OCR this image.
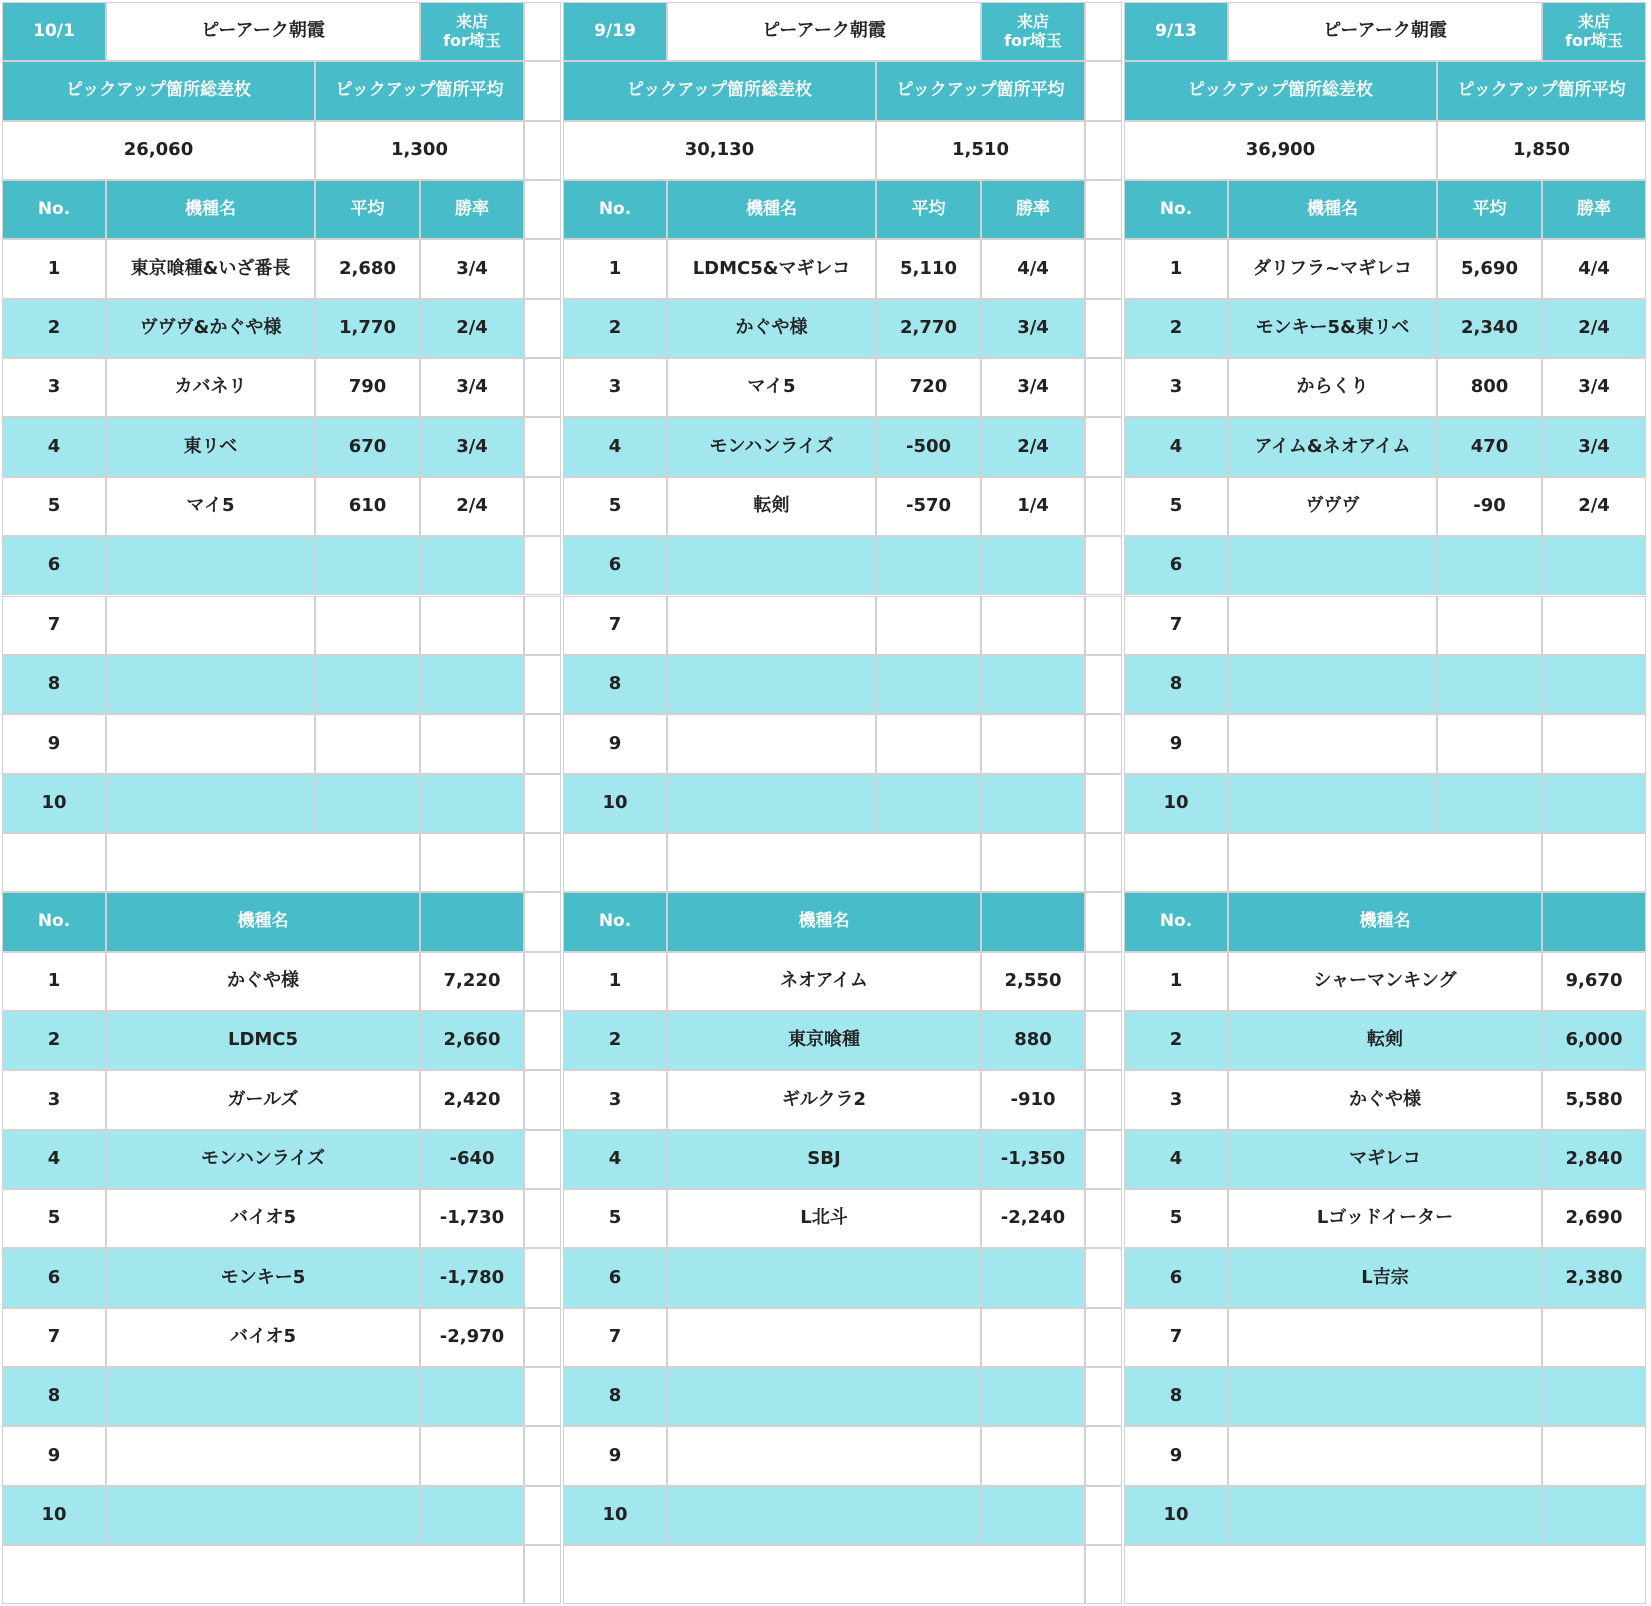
10/1	ピーアーク朝霞	来店
for埼玉
ピックアップ箇所総差枚	ピックアップ箇所平均
26,060	1,300
No.	機種名	平均	勝率
1	東京喰種&いざ番長	2,680	3/4
2	ヴヴヴ&かぐや様	1,770	2/4
3	カバネリ	790	3/4
4	東リベ	670	3/4
5	マイ5	610	2/4
6
7
8
9
10
No.	機種名
1	かぐや様	7,220
2	LDMC5	2,660
3	ガールズ	2,420
4	モンハンライズ	-640
5	バイオ5	-1,730
6	モンキー5	-1,780
7	バイオ5	-2,970
8
9
10
9/19	ピーアーク朝霞	来店
for埼玉
ピックアップ箇所総差枚	ピックアップ箇所平均
30,130	1,510
No.	機種名	平均	勝率
1	LDMC5&マギレコ	5,110	4/4
2	かぐや様	2,770	3/4
3	マイ5	720	3/4
4	モンハンライズ	-500	2/4
5	転剣	-570	1/4
6
7
8
9
10
No.	機種名
1	ネオアイム	2,550
2	東京喰種	880
3	ギルクラ2	-910
4	SBJ	-1,350
5	L北斗	-2,240
6
7
8
9
10
9/13	ピーアーク朝霞	来店
for埼玉
ピックアップ箇所総差枚	ピックアップ箇所平均
36,900	1,850
No.	機種名	平均	勝率
1	ダリフラ~マギレコ	5,690	4/4
2	モンキー5&東リベ	2,340	2/4
3	からくり	800	3/4
4	アイム&ネオアイム	470	3/4
5	ヴヴヴ	-90	2/4
6
7
8
9
10
No.	機種名
1	シャーマンキング	9,670
2	転剣	6,000
3	かぐや様	5,580
4	マギレコ	2,840
5	Lゴッドイーター	2,690
6	L吉宗	2,380
7
8
9
10
